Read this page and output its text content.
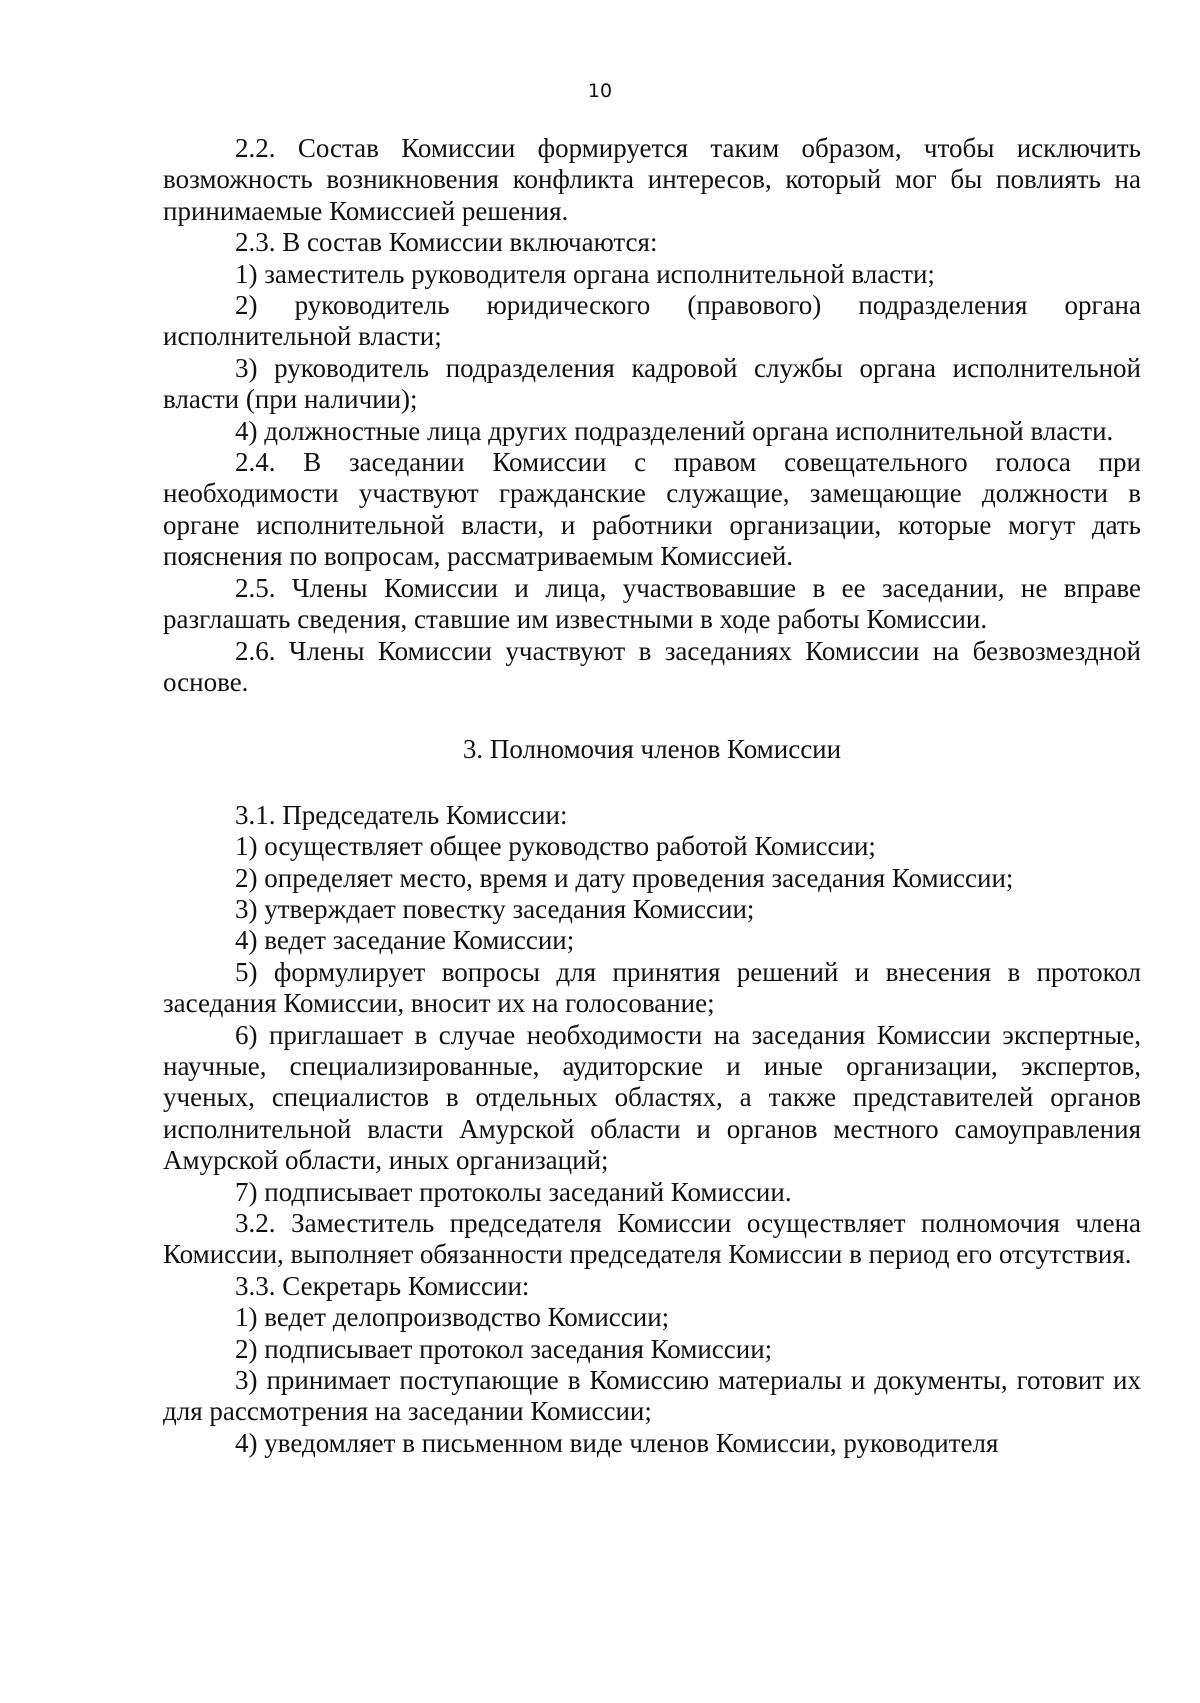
10

2.2. Состав Комиссии формируется таким образом, чтобы исключить возможность возникновения конфликта интересов, который мог бы повлиять на принимаемые Комиссией решения.

2.3. В состав Комиссии включаются:

1) заместитель руководителя органа исполнительной власти;

2) руководитель юридического (правового) подразделения органа исполнительной власти;

3) руководитель подразделения кадровой службы органа исполнительной власти (при наличии);

4) должностные лица других подразделений органа исполнительной власти.

2.4. В заседании Комиссии с правом совещательного голоса при необходимости участвуют гражданские служащие, замещающие должности в органе исполнительной власти, и работники организации, которые могут дать пояснения по вопросам, рассматриваемым Комиссией.

2.5. Члены Комиссии и лица, участвовавшие в ее заседании, не вправе разглашать сведения, ставшие им известными в ходе работы Комиссии.

2.6. Члены Комиссии участвуют в заседаниях Комиссии на безвозмездной основе.

3. Полномочия членов Комиссии

3.1. Председатель Комиссии:

1) осуществляет общее руководство работой Комиссии;

2) определяет место, время и дату проведения заседания Комиссии;

3) утверждает повестку заседания Комиссии;

4) ведет заседание Комиссии;

5) формулирует вопросы для принятия решений и внесения в протокол заседания Комиссии, вносит их на голосование;

6) приглашает в случае необходимости на заседания Комиссии экспертные, научные, специализированные, аудиторские и иные организации, экспертов, ученых, специалистов в отдельных областях, а также представителей органов исполнительной власти Амурской области и органов местного самоуправления Амурской области, иных организаций;

7) подписывает протоколы заседаний Комиссии.

3.2. Заместитель председателя Комиссии осуществляет полномочия члена Комиссии, выполняет обязанности председателя Комиссии в период его отсутствия.

3.3. Секретарь Комиссии:

1) ведет делопроизводство Комиссии;

2) подписывает протокол заседания Комиссии;

3) принимает поступающие в Комиссию материалы и документы, готовит их для рассмотрения на заседании Комиссии;

4) уведомляет в письменном виде членов Комиссии, руководителя
